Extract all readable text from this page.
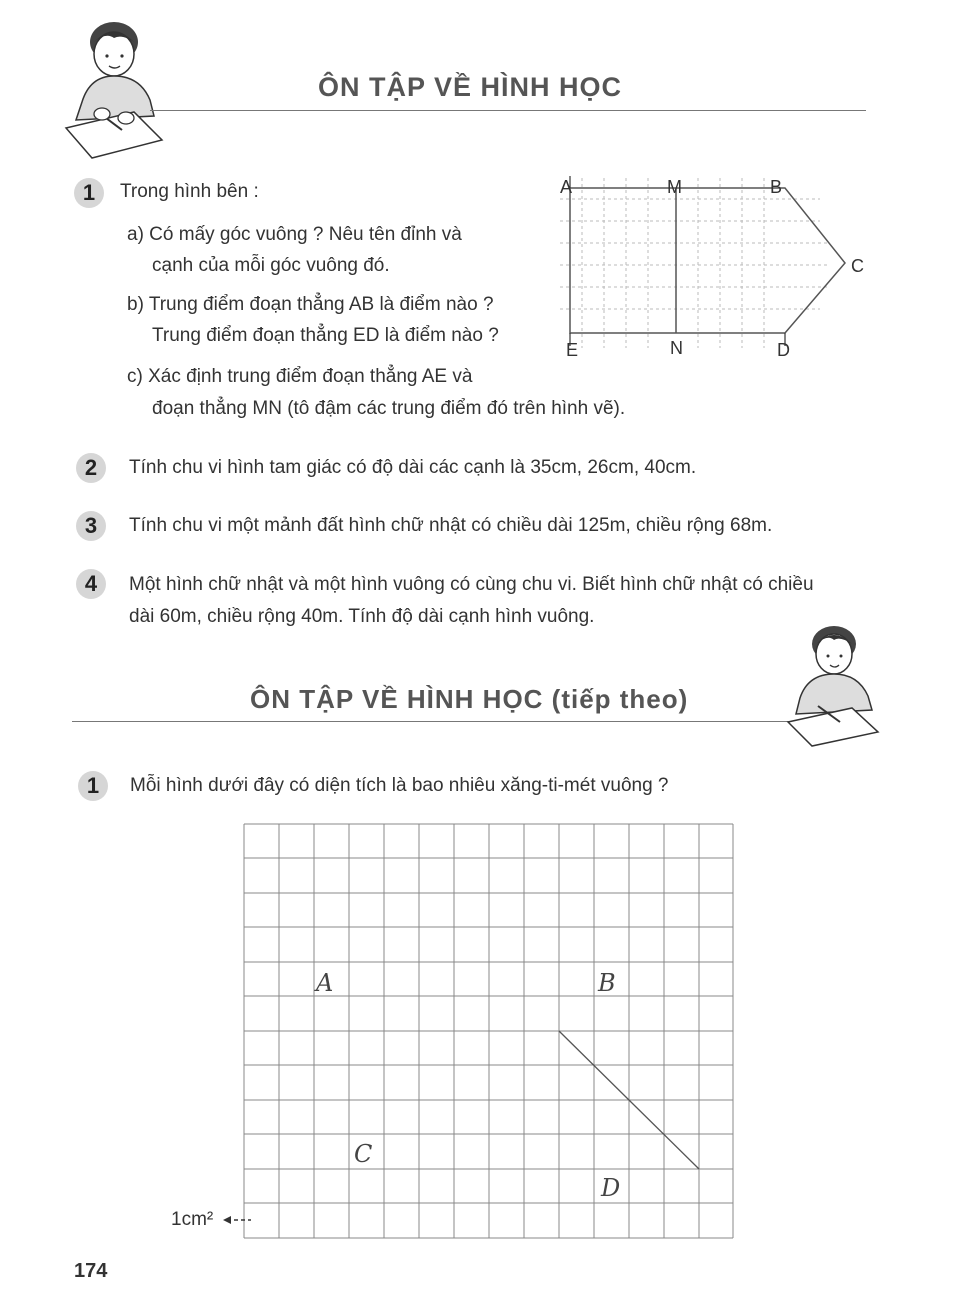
ÔN TẬP VỀ HÌNH HỌC
1	Trong hình bên :
a) Có mấy góc vuông ? Nêu tên đỉnh và
cạnh của mỗi góc vuông đó.
b) Trung điểm đoạn thẳng AB là điểm nào ?
Trung điểm đoạn thẳng ED là điểm nào ?
c) Xác định trung điểm đoạn thẳng AE và
đoạn thẳng MN (tô đậm các trung điểm đó trên hình vẽ).
A	M	B
C
E	N	D
2	Tính chu vi hình tam giác có độ dài các cạnh là 35cm, 26cm, 40cm.
3	Tính chu vi một mảnh đất hình chữ nhật có chiều dài 125m, chiều rộng 68m.
4	Một hình chữ nhật và một hình vuông có cùng chu vi. Biết hình chữ nhật có chiều
dài 60m, chiều rộng 40m. Tính độ dài cạnh hình vuông.
ÔN TẬP VỀ HÌNH HỌC (tiếp theo)
1	Mỗi hình dưới đây có diện tích là bao nhiêu xăng-ti-mét vuông ?
A	B
C
D
1cm²
174
